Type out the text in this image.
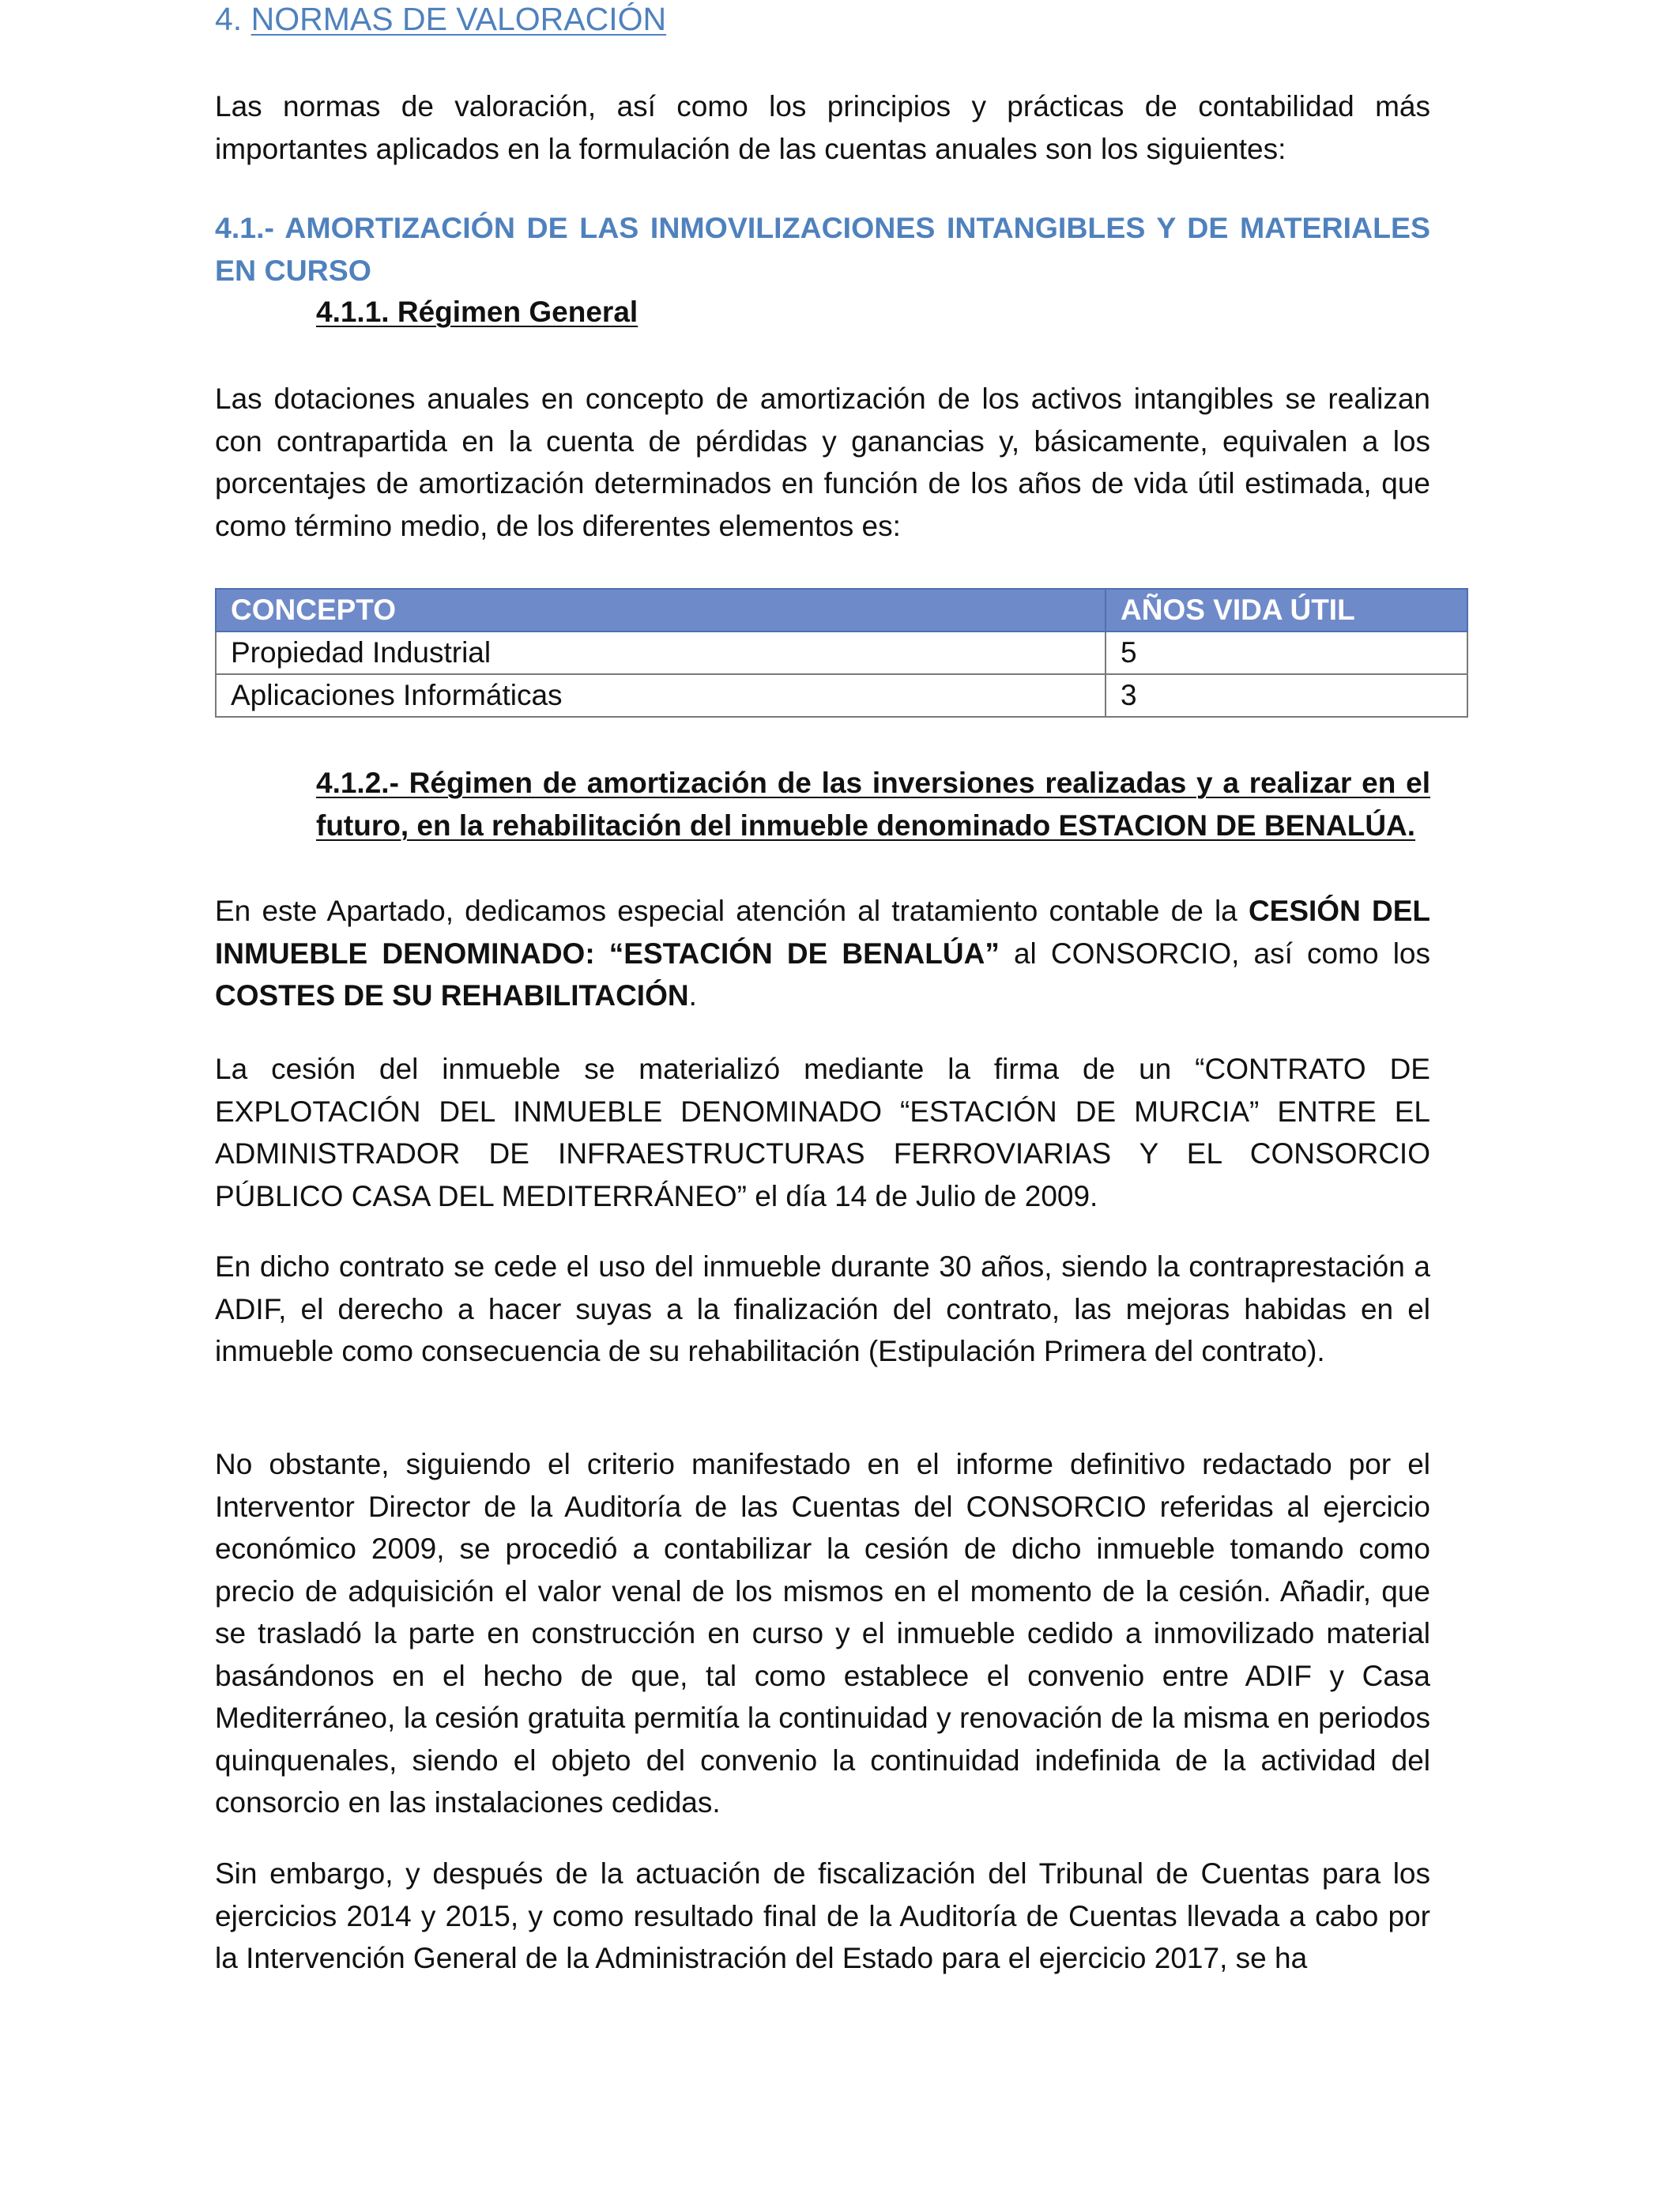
4. NORMAS DE VALORACIÓN

Las normas de valoración, así como los principios y prácticas de contabilidad más importantes aplicados en la formulación de las cuentas anuales son los siguientes:

4.1.- AMORTIZACIÓN DE LAS INMOVILIZACIONES INTANGIBLES Y DE MATERIALES EN CURSO
4.1.1. Régimen General

Las dotaciones anuales en concepto de amortización de los activos intangibles se realizan con contrapartida en la cuenta de pérdidas y ganancias y, básicamente, equivalen a los porcentajes de amortización determinados en función de los años de vida útil estimada, que como término medio, de los diferentes elementos es:

CONCEPTO	AÑOS VIDA ÚTIL
Propiedad Industrial	5
Aplicaciones Informáticas	3
4.1.2.- Régimen de amortización de las inversiones realizadas y a realizar en el futuro, en la rehabilitación del inmueble denominado ESTACION DE BENALÚA.

En este Apartado, dedicamos especial atención al tratamiento contable de la CESIÓN DEL INMUEBLE DENOMINADO: “ESTACIÓN DE BENALÚA” al CONSORCIO, así como los COSTES DE SU REHABILITACIÓN.

La cesión del inmueble se materializó mediante la firma de un “CONTRATO DE EXPLOTACIÓN DEL INMUEBLE DENOMINADO “ESTACIÓN DE MURCIA” ENTRE EL ADMINISTRADOR DE INFRAESTRUCTURAS FERROVIARIAS Y EL CONSORCIO PÚBLICO CASA DEL MEDITERRÁNEO” el día 14 de Julio de 2009.

En dicho contrato se cede el uso del inmueble durante 30 años, siendo la contraprestación a ADIF, el derecho a hacer suyas a la finalización del contrato, las mejoras habidas en el inmueble como consecuencia de su rehabilitación (Estipulación Primera del contrato).

No obstante, siguiendo el criterio manifestado en el informe definitivo redactado por el Interventor Director de la Auditoría de las Cuentas del CONSORCIO referidas al ejercicio económico 2009, se procedió a contabilizar la cesión de dicho inmueble tomando como precio de adquisición el valor venal de los mismos en el momento de la cesión. Añadir, que se trasladó la parte en construcción en curso y el inmueble cedido a inmovilizado material basándonos en el hecho de que, tal como establece el convenio entre ADIF y Casa Mediterráneo, la cesión gratuita permitía la continuidad y renovación de la misma en periodos quinquenales, siendo el objeto del convenio la continuidad indefinida de la actividad del consorcio en las instalaciones cedidas.

Sin embargo, y después de la actuación de fiscalización del Tribunal de Cuentas para los ejercicios 2014 y 2015, y como resultado final de la Auditoría de Cuentas llevada a cabo por la Intervención General de la Administración del Estado para el ejercicio 2017, se ha
